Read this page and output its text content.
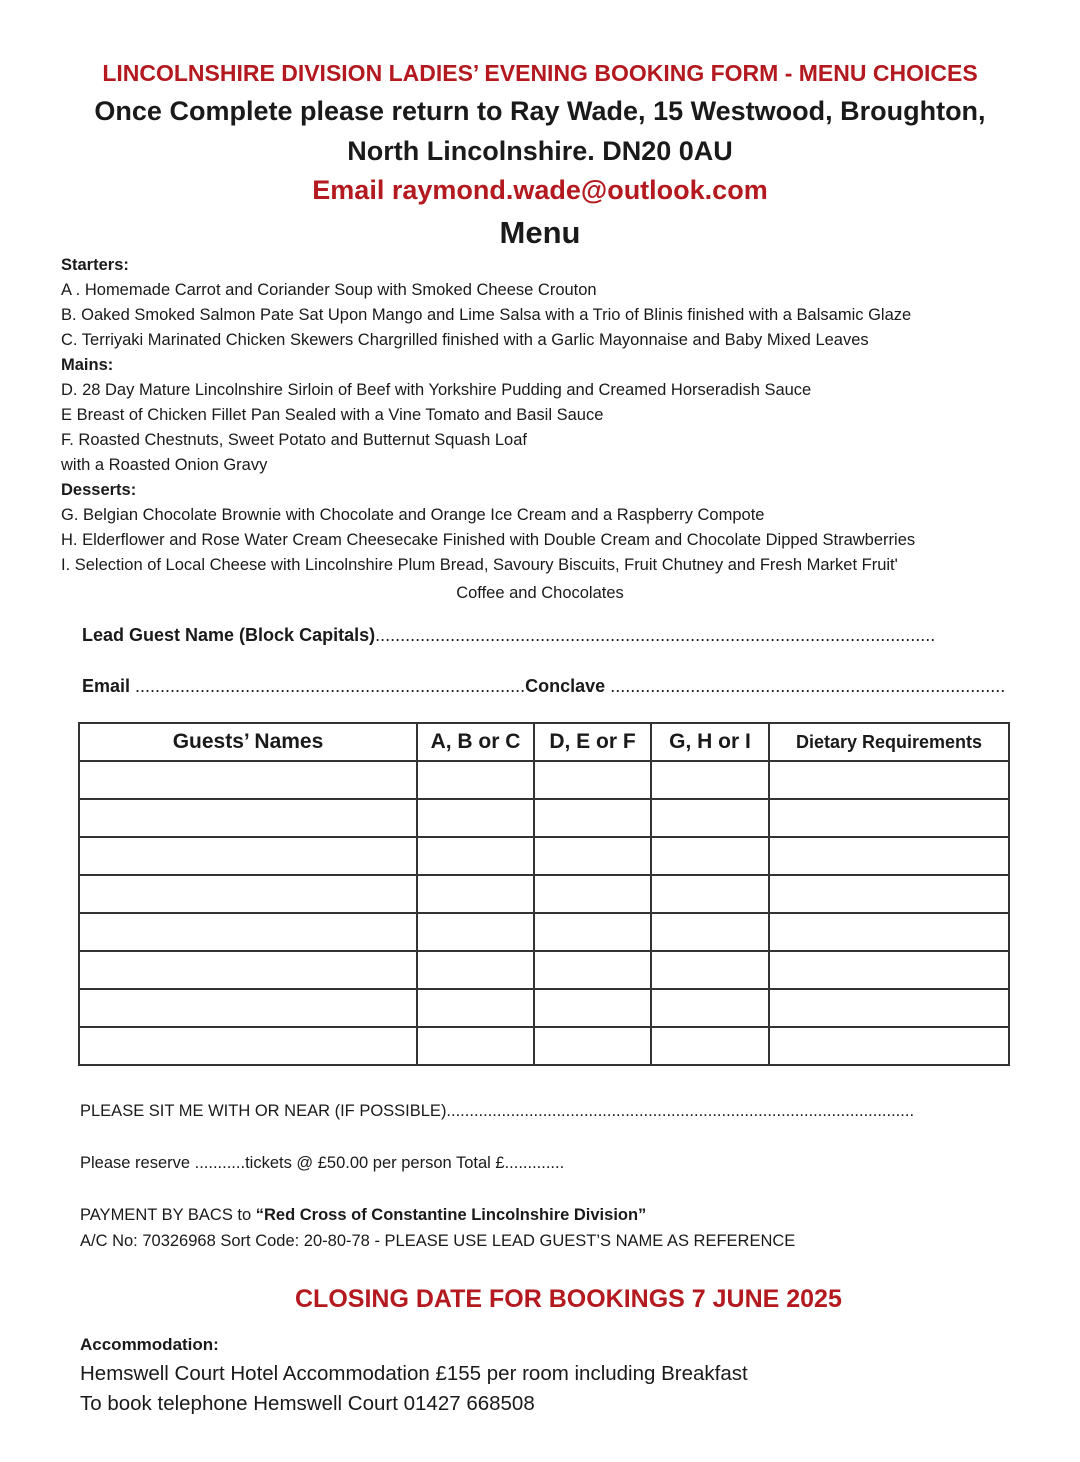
LINCOLNSHIRE DIVISION LADIES’ EVENING BOOKING FORM - MENU CHOICES
Once Complete please return to Ray Wade, 15 Westwood, Broughton,
North Lincolnshire. DN20 0AU
Email raymond.wade@outlook.com
Menu
Starters:
A . Homemade Carrot and Coriander Soup with Smoked Cheese Crouton
B. Oaked Smoked Salmon Pate Sat Upon Mango and Lime Salsa with a Trio of Blinis finished with a Balsamic Glaze
C. Terriyaki Marinated Chicken Skewers Chargrilled finished with a Garlic Mayonnaise and Baby Mixed Leaves
Mains:
D. 28 Day Mature Lincolnshire Sirloin of Beef with Yorkshire Pudding and Creamed Horseradish Sauce
E Breast of Chicken Fillet Pan Sealed with a Vine Tomato and Basil Sauce
F. Roasted Chestnuts, Sweet Potato and Butternut Squash Loaf
with a Roasted Onion Gravy
Desserts:
G. Belgian Chocolate Brownie with Chocolate and Orange Ice Cream and a Raspberry Compote
H. Elderflower and Rose Water Cream Cheesecake Finished with Double Cream and Chocolate Dipped Strawberries
I. Selection of Local Cheese with Lincolnshire Plum Bread, Savoury Biscuits, Fruit Chutney and Fresh Market Fruit'
Coffee and Chocolates
Lead Guest Name (Block Capitals)................................................................................................................
Email ..............................................................................Conclave ...............................................................................
Guests’ Names	A, B or C	D, E or F	G, H or I	Dietary Requirements

PLEASE SIT ME WITH OR NEAR (IF POSSIBLE)......................................................................................................
Please reserve ...........tickets @ £50.00 per person Total £.............
PAYMENT BY BACS to “Red Cross of Constantine Lincolnshire Division”
A/C No: 70326968 Sort Code: 20-80-78 - PLEASE USE LEAD GUEST’S NAME AS REFERENCE
CLOSING DATE FOR BOOKINGS 7 JUNE 2025
Accommodation:
Hemswell Court Hotel Accommodation £155 per room including Breakfast
To book telephone Hemswell Court 01427 668508
